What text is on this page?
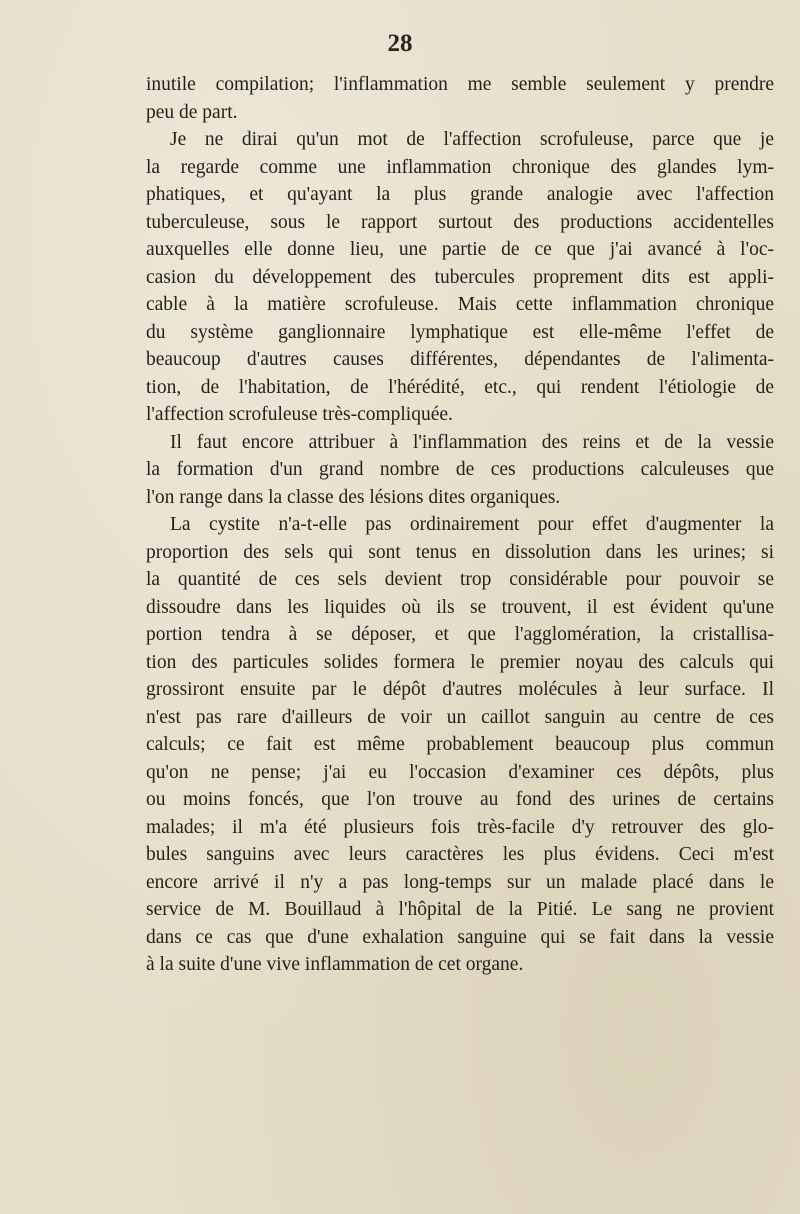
28
inutile compilation; l'inflammation me semble seulement y prendre
peu de part.
Je ne dirai qu'un mot de l'affection scrofuleuse, parce que je
la regarde comme une inflammation chronique des glandes lym-
phatiques, et qu'ayant la plus grande analogie avec l'affection
tuberculeuse, sous le rapport surtout des productions accidentelles
auxquelles elle donne lieu, une partie de ce que j'ai avancé à l'oc-
casion du développement des tubercules proprement dits est appli-
cable à la matière scrofuleuse. Mais cette inflammation chronique
du système ganglionnaire lymphatique est elle-même l'effet de
beaucoup d'autres causes différentes, dépendantes de l'alimenta-
tion, de l'habitation, de l'hérédité, etc., qui rendent l'étiologie de
l'affection scrofuleuse très-compliquée.
Il faut encore attribuer à l'inflammation des reins et de la vessie
la formation d'un grand nombre de ces productions calculeuses que
l'on range dans la classe des lésions dites organiques.
La cystite n'a-t-elle pas ordinairement pour effet d'augmenter la
proportion des sels qui sont tenus en dissolution dans les urines; si
la quantité de ces sels devient trop considérable pour pouvoir se
dissoudre dans les liquides où ils se trouvent, il est évident qu'une
portion tendra à se déposer, et que l'agglomération, la cristallisa-
tion des particules solides formera le premier noyau des calculs qui
grossiront ensuite par le dépôt d'autres molécules à leur surface. Il
n'est pas rare d'ailleurs de voir un caillot sanguin au centre de ces
calculs; ce fait est même probablement beaucoup plus commun
qu'on ne pense; j'ai eu l'occasion d'examiner ces dépôts, plus
ou moins foncés, que l'on trouve au fond des urines de certains
malades; il m'a été plusieurs fois très-facile d'y retrouver des glo-
bules sanguins avec leurs caractères les plus évidens. Ceci m'est
encore arrivé il n'y a pas long-temps sur un malade placé dans le
service de M. Bouillaud à l'hôpital de la Pitié. Le sang ne provient
dans ce cas que d'une exhalation sanguine qui se fait dans la vessie
à la suite d'une vive inflammation de cet organe.
